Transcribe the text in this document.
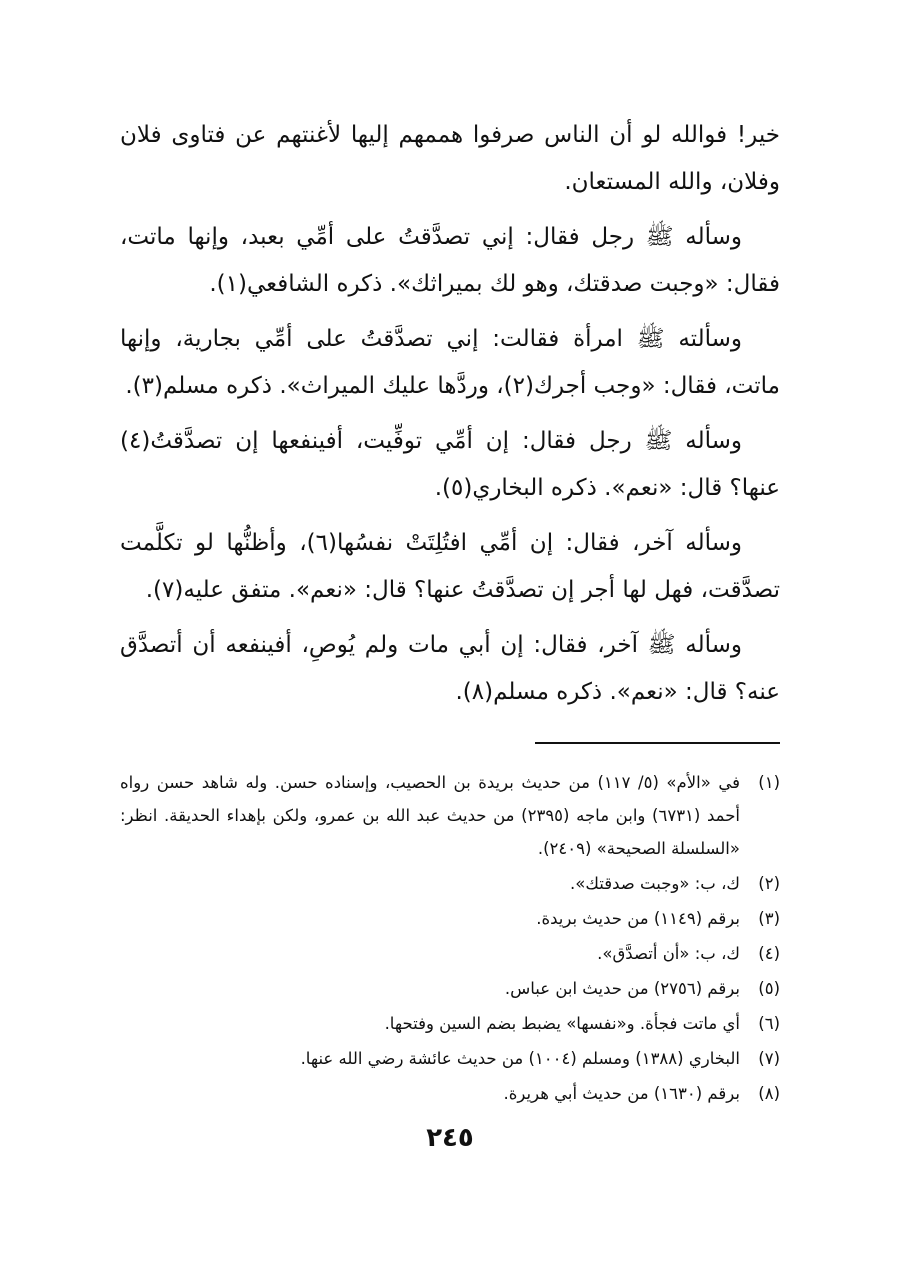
خير! فوالله لو أن الناس صرفوا هممهم إليها لأغنتهم عن فتاوى فلان وفلان، والله المستعان.

وسأله ﷺ رجل فقال: إني تصدَّقتُ على أمِّي بعبد، وإنها ماتت، فقال: «وجبت صدقتك، وهو لك بميراثك». ذكره الشافعي(١).

وسألته ﷺ امرأة فقالت: إني تصدَّقتُ على أمِّي بجارية، وإنها ماتت، فقال: «وجب أجرك(٢)، وردَّها عليك الميراث». ذكره مسلم(٣).

وسأله ﷺ رجل فقال: إن أمِّي توفِّيت، أفينفعها إن تصدَّقتُ(٤) عنها؟ قال: «نعم». ذكره البخاري(٥).

وسأله آخر، فقال: إن أمِّي افتُلِتَتْ نفسُها(٦)، وأظنُّها لو تكلَّمت تصدَّقت، فهل لها أجر إن تصدَّقتُ عنها؟ قال: «نعم». متفق عليه(٧).

وسأله ﷺ آخر، فقال: إن أبي مات ولم يُوصِ، أفينفعه أن أتصدَّق عنه؟ قال: «نعم». ذكره مسلم(٨).

(١)
في «الأم» (٥/ ١١٧) من حديث بريدة بن الحصيب، وإسناده حسن. وله شاهد حسن رواه أحمد (٦٧٣١) وابن ماجه (٢٣٩٥) من حديث عبد الله بن عمرو، ولكن بإهداء الحديقة. انظر: «السلسلة الصحيحة» (٢٤٠٩).
(٢)
ك، ب: «وجبت صدقتك».
(٣)
برقم (١١٤٩) من حديث بريدة.
(٤)
ك، ب: «أن أتصدَّق».
(٥)
برقم (٢٧٥٦) من حديث ابن عباس.
(٦)
أي ماتت فجأة. و«نفسها» يضبط بضم السين وفتحها.
(٧)
البخاري (١٣٨٨) ومسلم (١٠٠٤) من حديث عائشة رضي الله عنها.
(٨)
برقم (١٦٣٠) من حديث أبي هريرة.
٢٤٥
